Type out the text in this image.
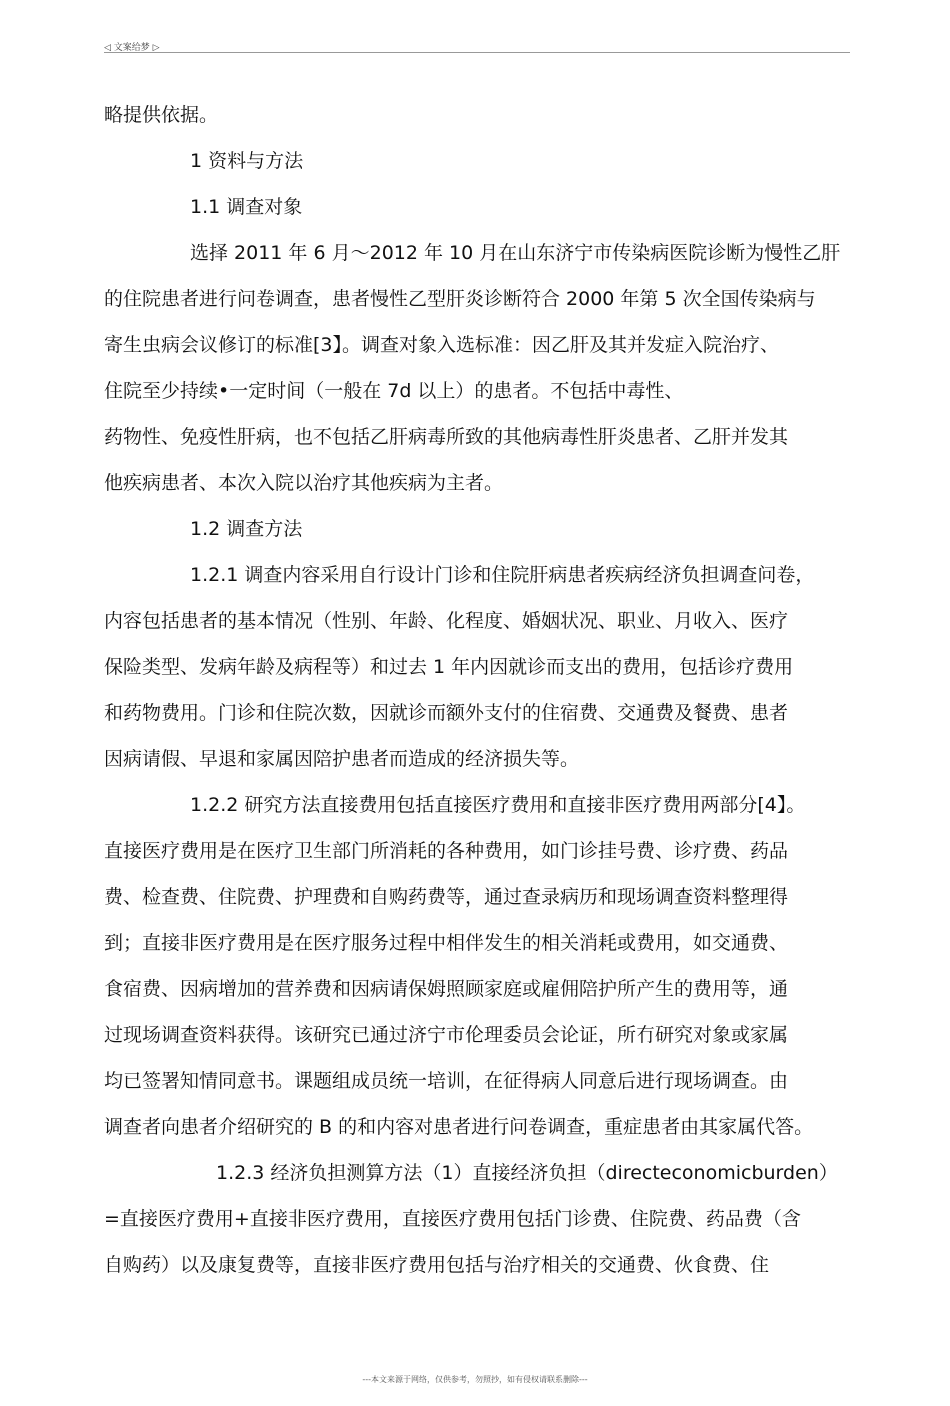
◁ 文案给梦 ▷

略提供依据。

1 资料与方法

1.1 调查对象

选择 2011 年 6 月〜2012 年 10 月在山东济宁市传染病医院诊断为慢性乙肝

的住院患者进行问卷调查，患者慢性乙型肝炎诊断符合 2000 年第 5 次全国传染病与

寄生虫病会议修订的标准[3】。调查对象入选标准：因乙肝及其并发症入院治疗、

住院至少持续•一定时间（一般在 7d 以上）的患者。不包括中毒性、

药物性、免疫性肝病，也不包括乙肝病毒所致的其他病毒性肝炎患者、乙肝并发其

他疾病患者、本次入院以治疗其他疾病为主者。

1.2 调查方法

1.2.1 调查内容采用自行设计门诊和住院肝病患者疾病经济负担调查问卷，

内容包括患者的基本情况（性别、年龄、化程度、婚姻状况、职业、月收入、医疗

保险类型、发病年龄及病程等）和过去 1 年内因就诊而支出的费用，包括诊疗费用

和药物费用。门诊和住院次数，因就诊而额外支付的住宿费、交通费及餐费、患者

因病请假、早退和家属因陪护患者而造成的经济损失等。

1.2.2 研究方法直接费用包括直接医疗费用和直接非医疗费用两部分[4】。

直接医疗费用是在医疗卫生部门所消耗的各种费用，如门诊挂号费、诊疗费、药品

费、检查费、住院费、护理费和自购药费等，通过查录病历和现场调查资料整理得

到；直接非医疗费用是在医疗服务过程中相伴发生的相关消耗或费用，如交通费、

食宿费、因病增加的营养费和因病请保姆照顾家庭或雇佣陪护所产生的费用等，通

过现场调查资料获得。该研究已通过济宁市伦理委员会论证，所冇研究对象或家属

均已签署知情同意书。课题组成员统一培训，在征得病人同意后进行现场调查。由

调查者向患者介绍研究的 B 的和内容对患者进行问卷调查，重症患者由其家属代答。

1.2.3 经济负担测算方法（1）直接经济负担（directeconomicburden）

=直接医疗费用+直接非医疗费用，直接医疗费用包括门诊费、住院费、药品费（含

自购药）以及康复费等，直接非医疗费用包括与治疗相关的交通费、伙食费、住

---本文来源于网络，仅供参考，勿照抄，如有侵权请联系删除---
